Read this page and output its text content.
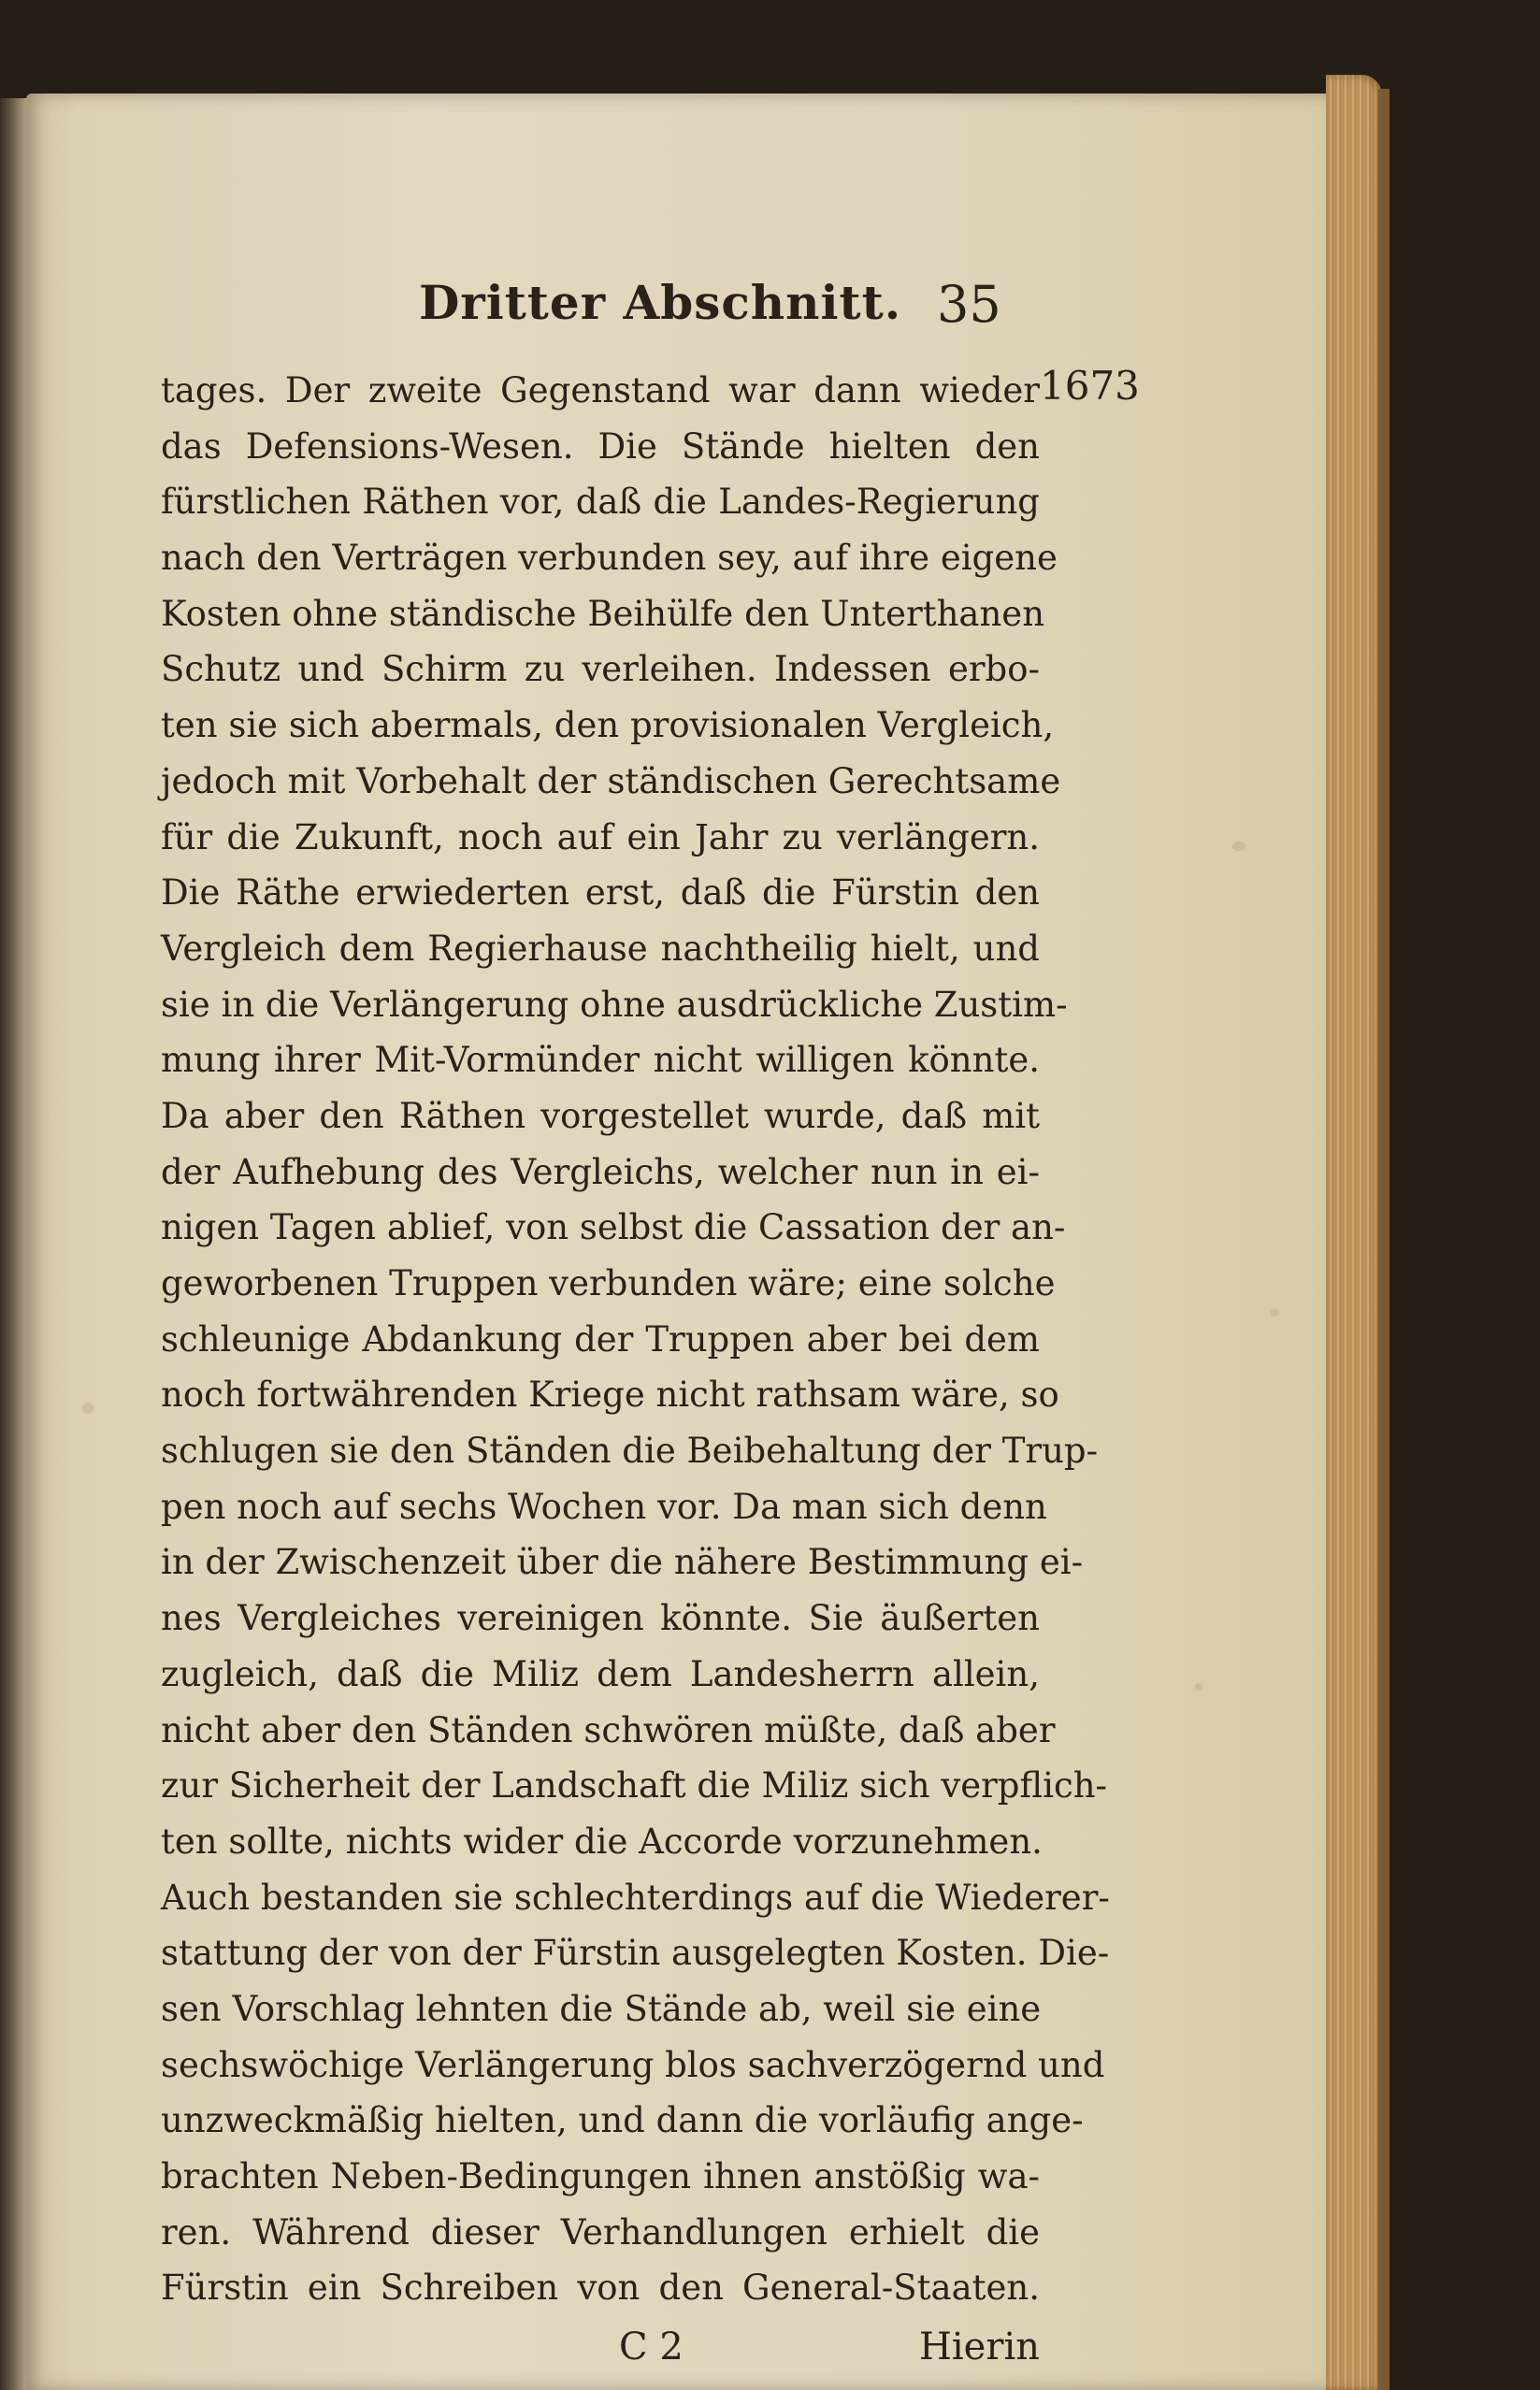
Dritter Abschnitt. 35
tages. Der zweite Gegenstand war dann wieder
das Defensions-Wesen. Die Stände hielten den
fürstlichen Räthen vor, daß die Landes-Regierung
nach den Verträgen verbunden sey, auf ihre eigene
Kosten ohne ständische Beihülfe den Unterthanen
Schutz und Schirm zu verleihen. Indessen erbo-
ten sie sich abermals, den provisionalen Vergleich,
jedoch mit Vorbehalt der ständischen Gerechtsame
für die Zukunft, noch auf ein Jahr zu verlängern.
Die Räthe erwiederten erst, daß die Fürstin den
Vergleich dem Regierhause nachtheilig hielt, und
sie in die Verlängerung ohne ausdrückliche Zustim-
mung ihrer Mit-Vormünder nicht willigen könnte.
Da aber den Räthen vorgestellet wurde, daß mit
der Aufhebung des Vergleichs, welcher nun in ei-
nigen Tagen ablief, von selbst die Cassation der an-
geworbenen Truppen verbunden wäre; eine solche
schleunige Abdankung der Truppen aber bei dem
noch fortwährenden Kriege nicht rathsam wäre, so
schlugen sie den Ständen die Beibehaltung der Trup-
pen noch auf sechs Wochen vor. Da man sich denn
in der Zwischenzeit über die nähere Bestimmung ei-
nes Vergleiches vereinigen könnte. Sie äußerten
zugleich, daß die Miliz dem Landesherrn allein,
nicht aber den Ständen schwören müßte, daß aber
zur Sicherheit der Landschaft die Miliz sich verpflich-
ten sollte, nichts wider die Accorde vorzunehmen.
Auch bestanden sie schlechterdings auf die Wiederer-
stattung der von der Fürstin ausgelegten Kosten. Die-
sen Vorschlag lehnten die Stände ab, weil sie eine
sechswöchige Verlängerung blos sachverzögernd und
unzweckmäßig hielten, und dann die vorläufig ange-
brachten Neben-Bedingungen ihnen anstößig wa-
ren. Während dieser Verhandlungen erhielt die
Fürstin ein Schreiben von den General-Staaten.
C 2	Hierin
1673
